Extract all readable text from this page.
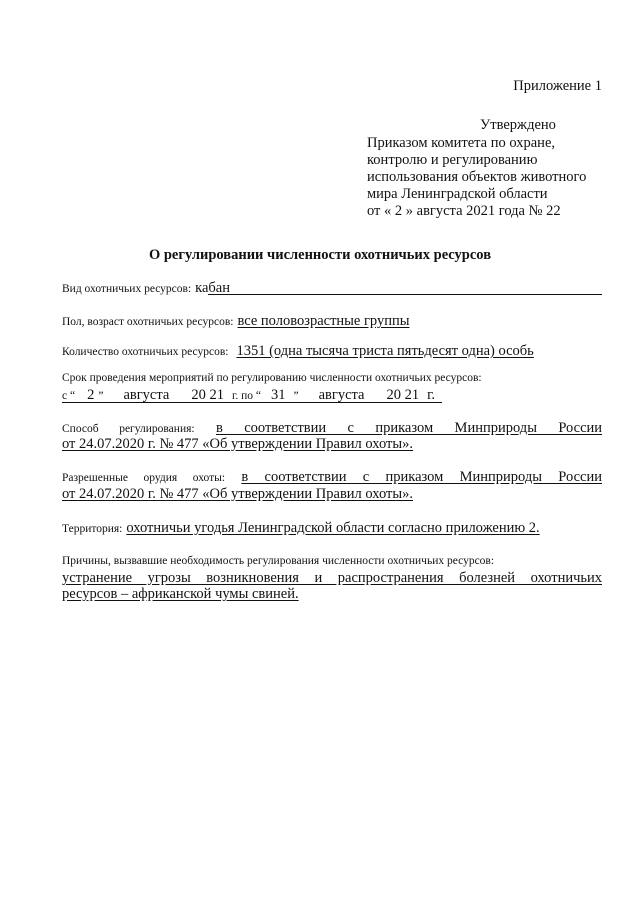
Приложение 1
Утверждено
Приказом комитета по охране,
контролю и регулированию
использования объектов животного
мира Ленинградской области
от « 2 » августа 2021 года № 22
О регулировании численности охотничьих ресурсов
Вид охотничьих ресурсов: кабан
Пол, возраст охотничьих ресурсов: все половозрастные группы
Количество охотничьих ресурсов: 1351 (одна тысяча триста пятьдесят одна) особь
Срок проведения мероприятий по регулированию численности охотничьих ресурсов:
с “ 2 ” августа 20 21 г. по “ 31 ” августа 20 21 г.
Способ регулирования: в соответствии с приказом Минприроды России
от 24.07.2020 г. № 477 «Об утверждении Правил охоты».
Разрешенные орудия охоты: в соответствии с приказом Минприроды России
от 24.07.2020 г. № 477 «Об утверждении Правил охоты».
Территория: охотничьи угодья Ленинградской области согласно приложению 2.
Причины, вызвавшие необходимость регулирования численности охотничьих ресурсов:
устранение угрозы возникновения и распространения болезней охотничьих
ресурсов – африканской чумы свиней.
